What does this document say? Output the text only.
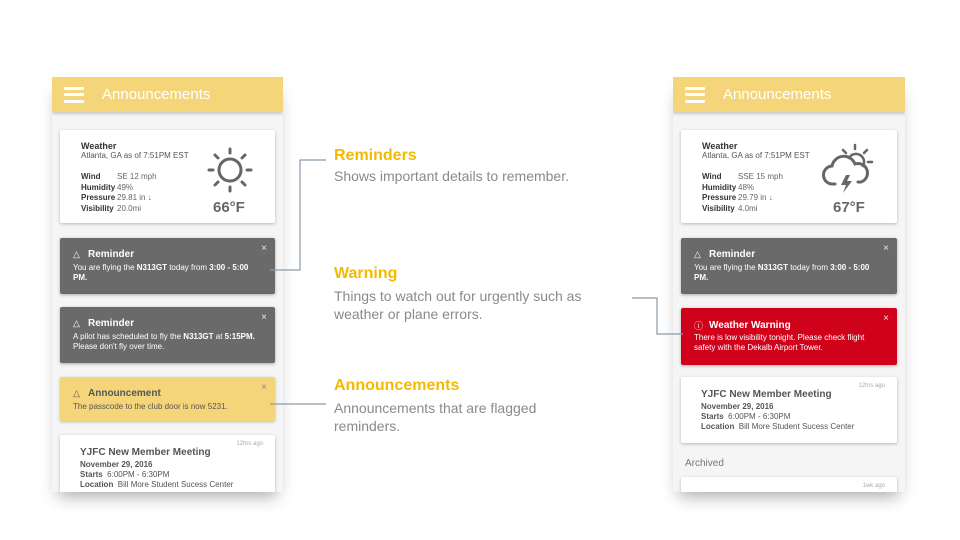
Announcements
Weather
Atlanta, GA as of 7:51PM EST
Wind	SE 12 mph
Humidity 49%
Pressure 29.81 in ↓
Visibility 20.0mi	66°F
△ Reminder
You are flying the N313GT today from 3:00 - 5:00 PM.
×
△ Reminder
A pilot has scheduled to fly the N313GT at 5:15PM. Please don't fly over time.
×
△ Announcement
The passcode to the club door is now 5231.
×
12hrs ago
YJFC New Member Meeting
November 29, 2016
Starts 6:00PM - 6:30PM
Location Bill More Student Sucess Center
Announcements
Weather
Atlanta, GA as of 7:51PM EST
Wind	SSE 15 mph
Humidity 48%
Pressure 29.79 in ↓
Visibility 4.0mi	67°F
△ Reminder
You are flying the N313GT today from 3:00 - 5:00 PM.
×
ⓘ Weather Warning
There is low visibility tonight. Please check flight safety with the Dekalb Airport Tower.
×
12hrs ago
YJFC New Member Meeting
November 29, 2016
Starts 6:00PM - 6:30PM
Location Bill More Student Sucess Center
Archived
1wk ago
Reminders
Shows important details to remember.
Warning
Things to watch out for urgently such as weather or plane errors.
Announcements
Announcements that are flagged reminders.
